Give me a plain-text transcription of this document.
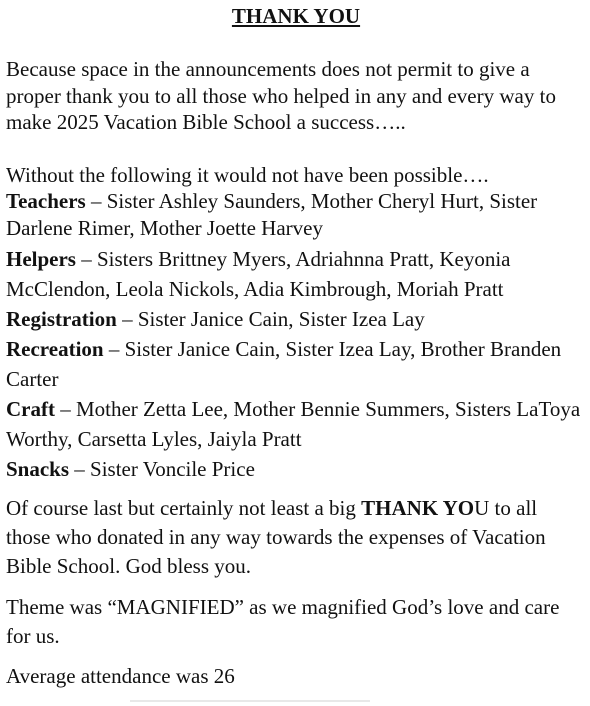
THANK YOU

Because space in the announcements does not permit to give a proper thank you to all those who helped in any and every way to make 2025 Vacation Bible School a success…..

Without the following it would not have been possible….

Teachers – Sister Ashley Saunders, Mother Cheryl Hurt, Sister Darlene Rimer, Mother Joette Harvey

Helpers – Sisters Brittney Myers, Adriahnna Pratt, Keyonia McClendon, Leola Nickols, Adia Kimbrough, Moriah Pratt

Registration – Sister Janice Cain, Sister Izea Lay

Recreation – Sister Janice Cain, Sister Izea Lay, Brother Branden Carter

Craft – Mother Zetta Lee, Mother Bennie Summers, Sisters LaToya Worthy, Carsetta Lyles, Jaiyla Pratt

Snacks – Sister Voncile Price

Of course last but certainly not least a big THANK YOU to all those who donated in any way towards the expenses of Vacation Bible School. God bless you.

Theme was “MAGNIFIED” as we magnified God’s love and care for us.

Average attendance was 26
